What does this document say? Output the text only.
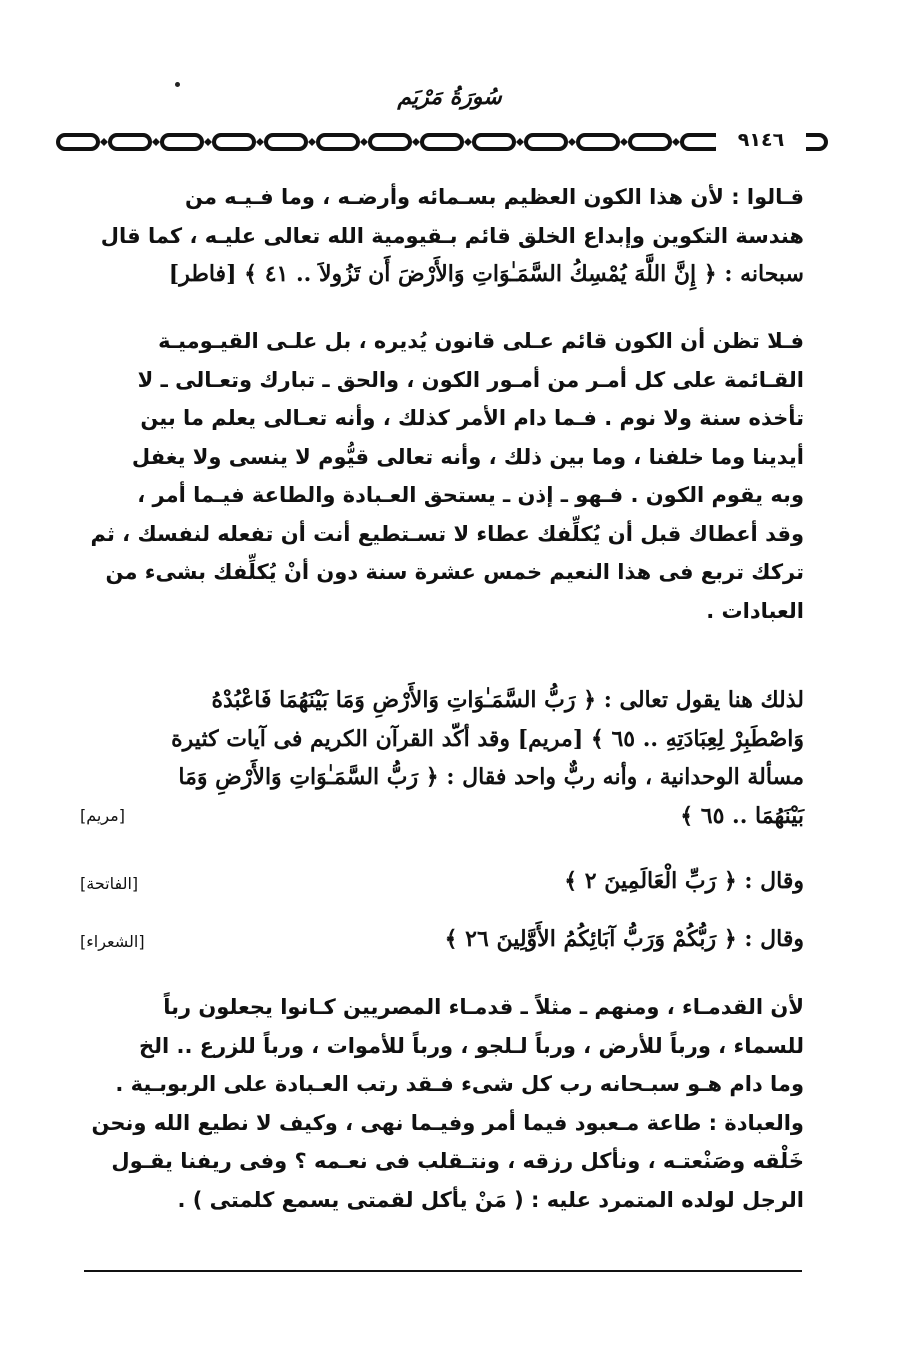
سُورَةُ مَرْيَم
٩١٤٦
قـالوا : لأن هذا الكون العظيم بسـمائه وأرضـه ، وما فـيـه من
هندسة التكوين وإبداع الخلق قائم بـقيومية الله تعالى عليـه ، كما قال
سبحانه : ﴿ إِنَّ اللَّهَ يُمْسِكُ السَّمَـٰوَاتِ وَالأَرْضَ أَن تَزُولاَ .. ٤١ ﴾ [فاطر]
فـلا تظن أن الكون قائم عـلى قانون يُديره ، بل علـى القيـوميـة
القـائمة على كل أمـر من أمـور الكون ، والحق ـ تبارك وتعـالى ـ لا
تأخذه سنة ولا نوم . فـما دام الأمر كذلك ، وأنه تعـالى يعلم ما بين
أيدينا وما خلفنا ، وما بين ذلك ، وأنه تعالى قيُّوم لا ينسى ولا يغفل
وبه يقوم الكون . فـهو ـ إذن ـ يستحق العـبادة والطاعة فيـما أمر ،
وقد أعطاك قبل أن يُكلِّفك عطاء لا تسـتطيع أنت أن تفعله لنفسك ، ثم
تركك تربع فى هذا النعيم خمس عشرة سنة دون أنْ يُكلِّفك بشىء من
العبادات .
لذلك هنا يقول تعالى : ﴿ رَبُّ السَّمَـٰوَاتِ وَالأَرْضِ وَمَا بَيْنَهُمَا فَاعْبُدْهُ
وَاصْطَبِرْ لِعِبَادَتِهِ .. ٦٥ ﴾ [مريم] وقد أكّد القرآن الكريم فى آيات كثيرة
مسألة الوحدانية ، وأنه ربٌّ واحد فقال : ﴿ رَبُّ السَّمَـٰوَاتِ وَالأَرْضِ وَمَا
بَيْنَهُمَا .. ٦٥ ﴾
[مريم]
وقال : ﴿ رَبِّ الْعَالَمِينَ ٢ ﴾
[الفاتحة]
وقال : ﴿ رَبُّكُمْ وَرَبُّ آبَائِكُمُ الأَوَّلِينَ ٢٦ ﴾
[الشعراء]
لأن القدمـاء ، ومنهم ـ مثلاً ـ قدمـاء المصريين كـانوا يجعلون رباً
للسماء ، ورباً للأرض ، ورباً لـلجو ، ورباً للأموات ، ورباً للزرع .. الخ
وما دام هـو سبـحانه رب كل شىء فـقد رتب العـبادة على الربوبـية .
والعبادة : طاعة مـعبود فيما أمر وفيـما نهى ، وكيف لا نطيع الله ونحن
خَلْقه وصَنْعتـه ، ونأكل رزقه ، ونتـقلب فى نعـمه ؟ وفى ريفنا يقـول
الرجل لولده المتمرد عليه : ( مَنْ يأكل لقمتى يسمع كلمتى ) .
